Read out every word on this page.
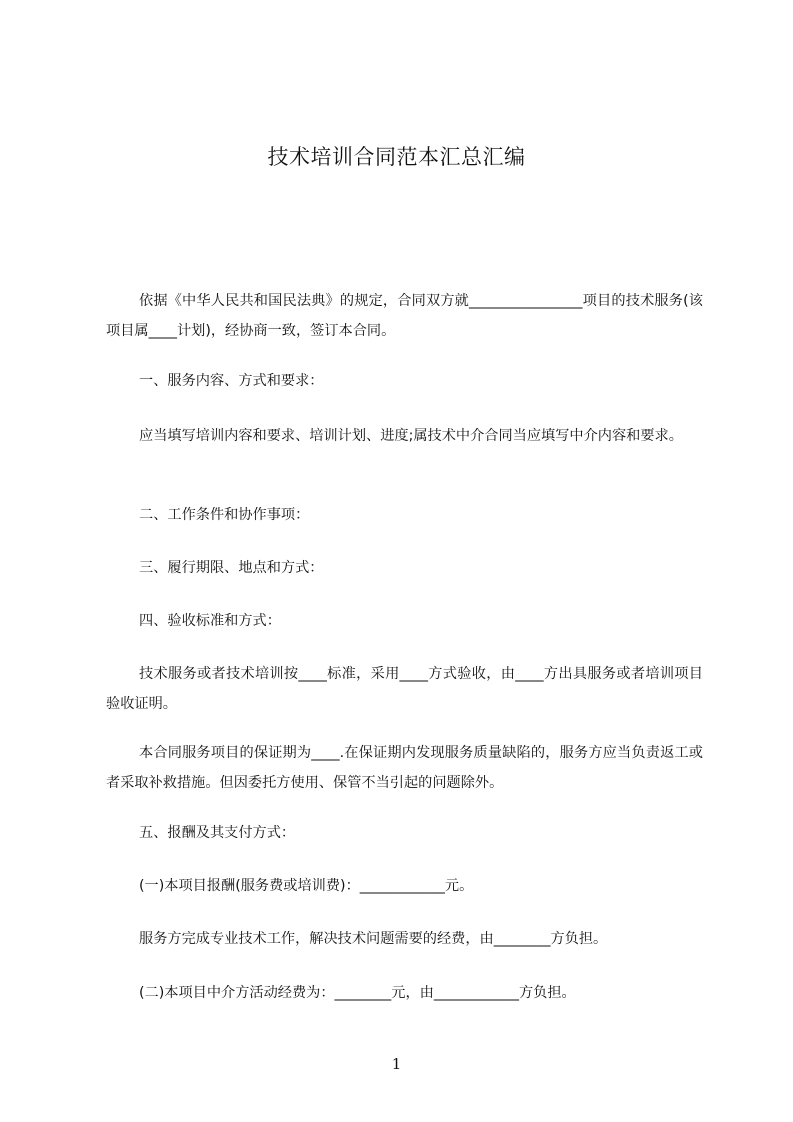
技术培训合同范本汇总汇编
依据《中华人民共和国民法典》的规定，合同双方就________________项目的技术服务(该项目属____计划)，经协商一致，签订本合同。
一、服务内容、方式和要求：
应当填写培训内容和要求、培训计划、进度;属技术中介合同当应填写中介内容和要求。
二、工作条件和协作事项：
三、履行期限、地点和方式：
四、验收标准和方式：
技术服务或者技术培训按____标准，采用____方式验收，由____方出具服务或者培训项目验收证明。
本合同服务项目的保证期为____.在保证期内发现服务质量缺陷的，服务方应当负责返工或者采取补救措施。但因委托方使用、保管不当引起的问题除外。
五、报酬及其支付方式：
(一)本项目报酬(服务费或培训费)：____________元。
服务方完成专业技术工作，解决技术问题需要的经费，由________方负担。
(二)本项目中介方活动经费为：________元，由____________方负担。
1
